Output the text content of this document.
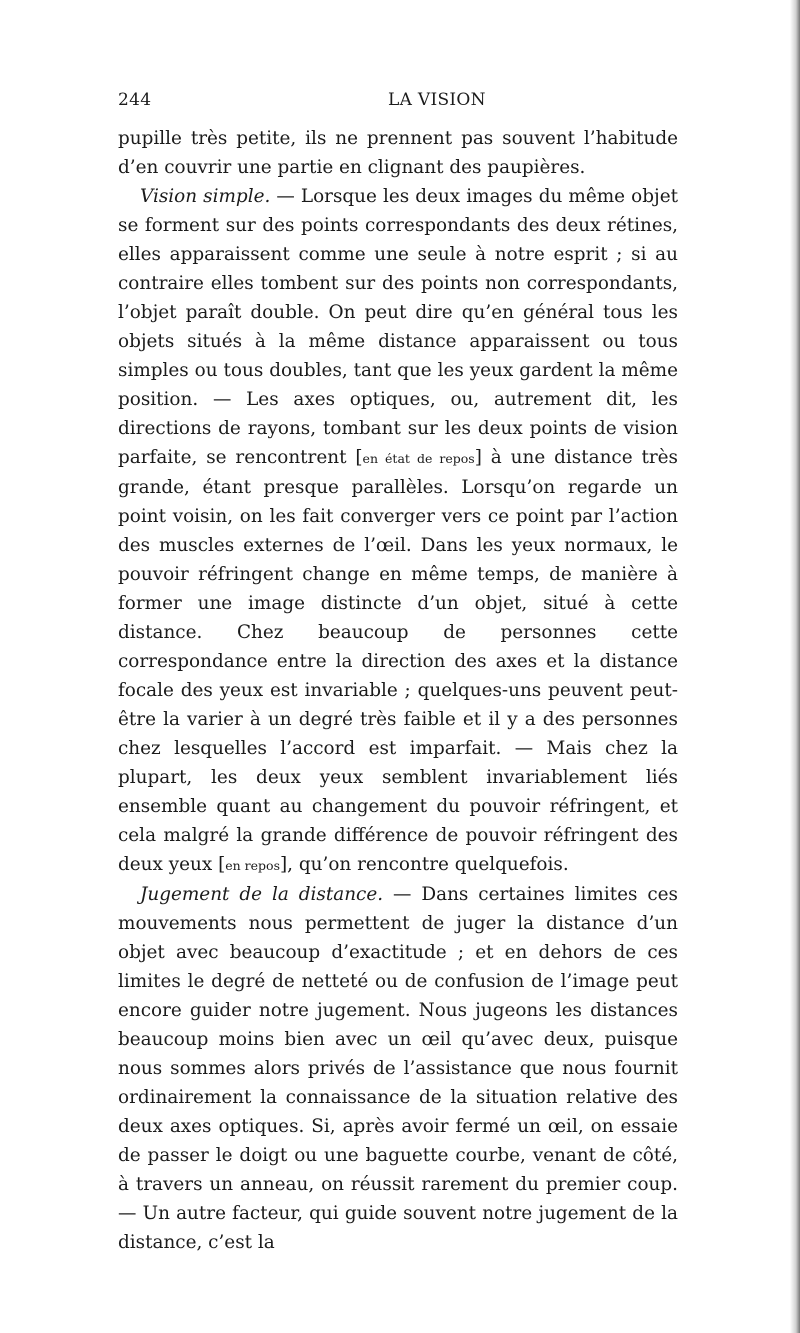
244	LA VISION

pupille très petite, ils ne prennent pas souvent l’habitude d’en couvrir une partie en clignant des paupières.

Vision simple. — Lorsque les deux images du même objet se forment sur des points correspondants des deux rétines, elles apparaissent comme une seule à notre esprit ; si au contraire elles tombent sur des points non correspondants, l’objet paraît double. On peut dire qu’en général tous les objets situés à la même distance apparaissent ou tous simples ou tous doubles, tant que les yeux gardent la même position. — Les axes optiques, ou, autrement dit, les directions de rayons, tombant sur les deux points de vision parfaite, se rencontrent [en état de repos] à une distance très grande, étant presque parallèles. Lorsqu’on regarde un point voisin, on les fait converger vers ce point par l’action des muscles externes de l’œil. Dans les yeux normaux, le pouvoir réfringent change en même temps, de manière à former une image distincte d’un objet, situé à cette distance. Chez beaucoup de personnes cette correspondance entre la direction des axes et la distance focale des yeux est invariable ; quelques-uns peuvent peut-être la varier à un degré très faible et il y a des personnes chez lesquelles l’accord est imparfait. — Mais chez la plupart, les deux yeux semblent invariablement liés ensemble quant au changement du pouvoir réfringent, et cela malgré la grande différence de pouvoir réfringent des deux yeux [en repos], qu’on rencontre quelquefois.

Jugement de la distance. — Dans certaines limites ces mouvements nous permettent de juger la distance d’un objet avec beaucoup d’exactitude ; et en dehors de ces limites le degré de netteté ou de confusion de l’image peut encore guider notre jugement. Nous jugeons les distances beaucoup moins bien avec un œil qu’avec deux, puisque nous sommes alors privés de l’assistance que nous fournit ordinairement la connaissance de la situation relative des deux axes optiques. Si, après avoir fermé un œil, on essaie de passer le doigt ou une baguette courbe, venant de côté, à travers un anneau, on réussit rarement du premier coup. — Un autre facteur, qui guide souvent notre jugement de la distance, c’est la
